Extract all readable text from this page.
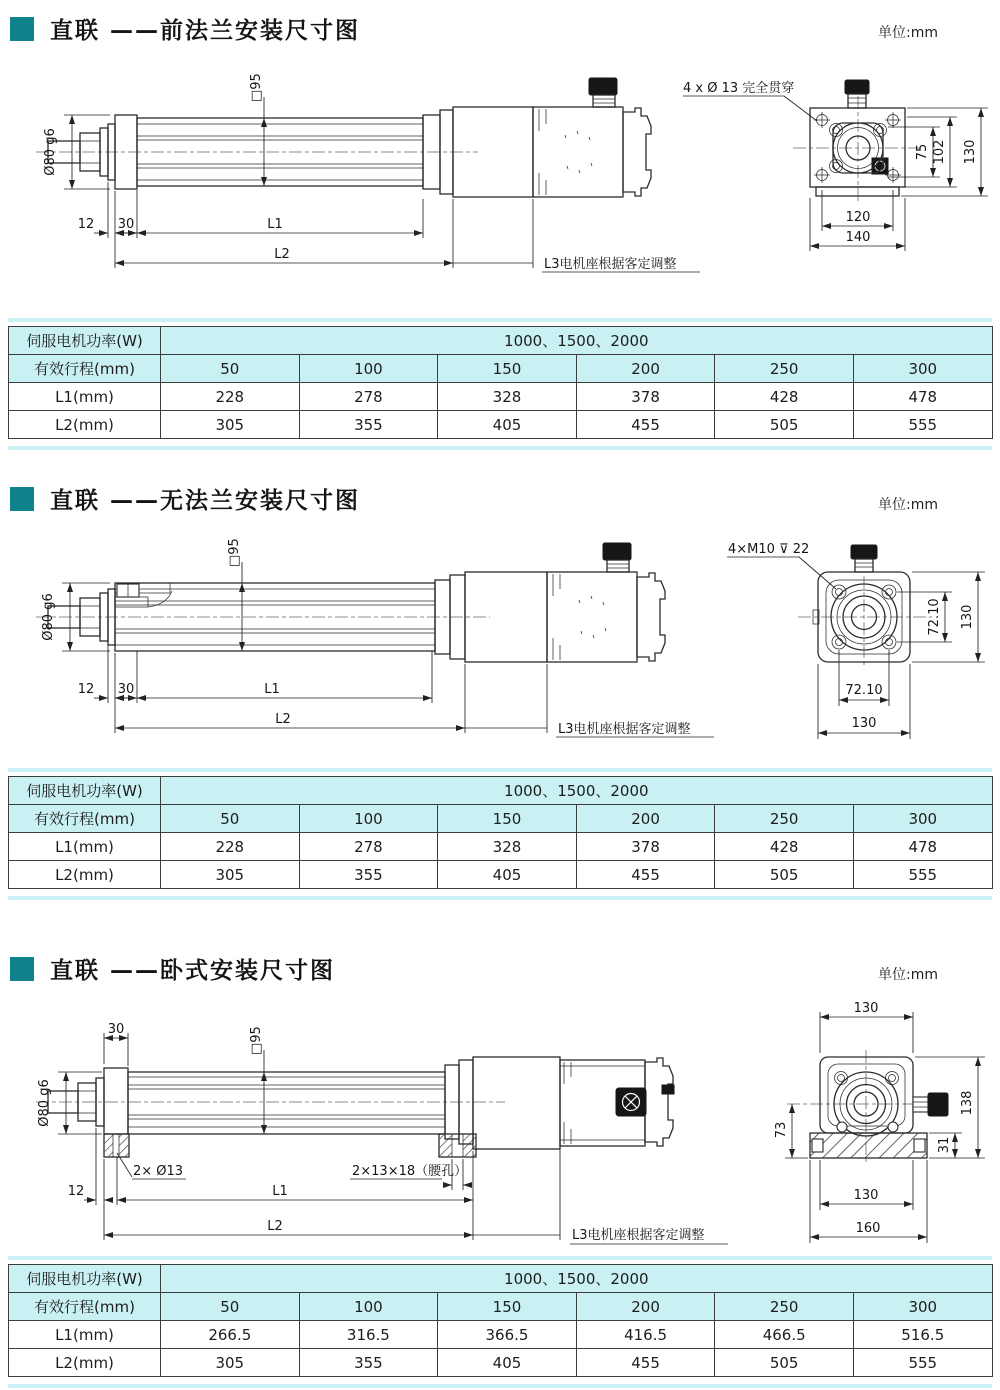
直联 ——前法兰安装尺寸图	单位:mm
□95
Ø80 g6
12 30	L1
L2
L3电机座根据客定调整
4 x Ø 13 完全贯穿
75 102 130
120
140
伺服电机功率(W)	1000、1500、2000					
有效行程(mm)	50	100	150	200	250	300
L1(mm)	228	278	328	378	428	478
L2(mm)	305	355	405	455	505	555
直联 ——无法兰安装尺寸图	单位:mm
□95
Ø80 g6
12 30	L1
L2
L3电机座根据客定调整
4×M10 ⊽ 22
72.10 130
72.10
130
伺服电机功率(W)	1000、1500、2000					
有效行程(mm)	50	100	150	200	250	300
L1(mm)	228	278	328	378	428	478
L2(mm)	305	355	405	455	505	555
直联 ——卧式安装尺寸图	单位:mm
30	□95
Ø80 g6
2× Ø13	2×13×18（腰孔）
12	L1
L2
L3电机座根据客定调整
130
73
138
31
130
160
伺服电机功率(W)	1000、1500、2000					
有效行程(mm)	50	100	150	200	250	300
L1(mm)	266.5	316.5	366.5	416.5	466.5	516.5
L2(mm)	305	355	405	455	505	555
